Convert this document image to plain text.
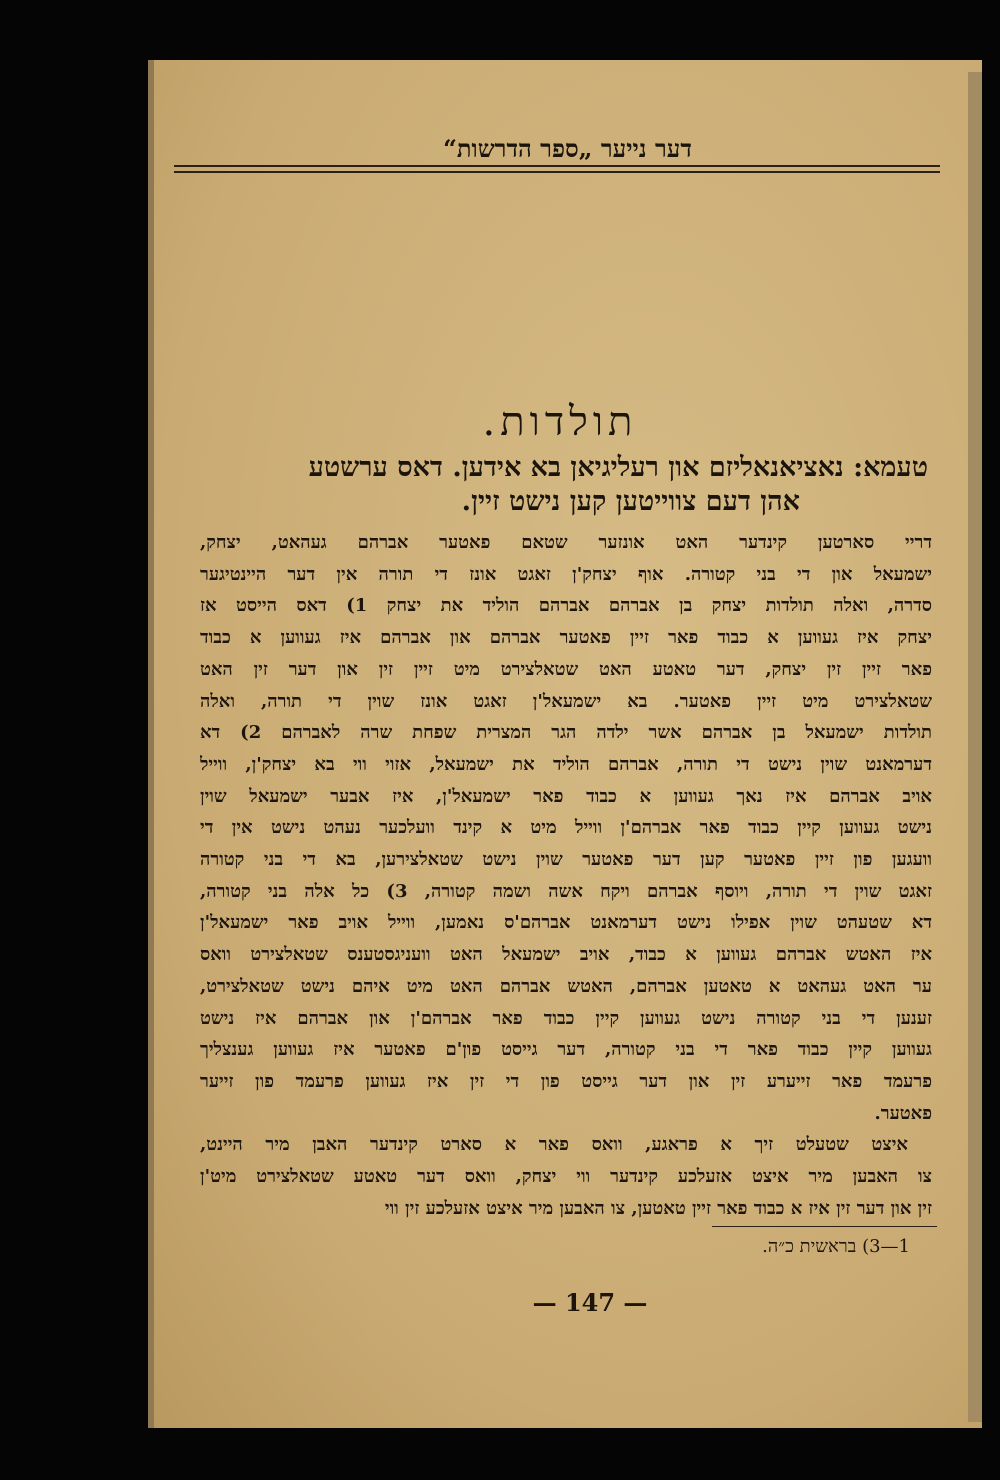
דער נייער „ספר הדרשות“
תולדות.
טעמא: נאציאנאליזם און רעליגיאן בא אידען. דאס ערשטע
אהן דעם צווייטען קען נישט זיין.
דריי סארטען קינדער האט אונזער שטאם פאטער אברהם געהאט, יצחק,
ישמעאל און די בני קטורה. אוף יצחק'ן זאגט אונז די תורה אין דער היינטיגער
סדרה, ואלה תולדות יצחק בן אברהם אברהם הוליד את יצחק 1) דאס הייסט אז
יצחק איז געווען א כבוד פאר זיין פאטער אברהם און אברהם איז געווען א כבוד
פאר זיין זין יצחק, דער טאטע האט שטאלצירט מיט זיין זין און דער זין האט
שטאלצירט מיט זיין פאטער. בא ישמעאל'ן זאגט אונז שוין די תורה, ואלה
תולדות ישמעאל בן אברהם אשר ילדה הגר המצרית שפחת שרה לאברהם 2) דא
דערמאנט שוין נישט די תורה, אברהם הוליד את ישמעאל, אזוי ווי בא יצחק'ן, ווייל
אויב אברהם איז נאך געווען א כבוד פאר ישמעאל'ן, איז אבער ישמעאל שוין
נישט געווען קיין כבוד פאר אברהם'ן ווייל מיט א קינד וועלכער נעהט נישט אין די
וועגען פון זיין פאטער קען דער פאטער שוין נישט שטאלצירען, בא די בני קטורה
זאגט שוין די תורה, ויוסף אברהם ויקח אשה ושמה קטורה, 3) כל אלה בני קטורה,
דא שטעהט שוין אפילו נישט דערמאנט אברהם'ס נאמען, ווייל אויב פאר ישמעאל'ן
איז האטש אברהם געווען א כבוד, אויב ישמעאל האט וועניגסטענס שטאלצירט וואס
ער האט געהאט א טאטען אברהם, האטש אברהם האט מיט איהם נישט שטאלצירט,
זענען די בני קטורה נישט געווען קיין כבוד פאר אברהם'ן און אברהם איז נישט
געווען קיין כבוד פאר די בני קטורה, דער גייסט פון'ם פאטער איז געווען גענצליך
פרעמד פאר זייערע זין און דער גייסט פון די זין איז געווען פרעמד פון זייער
פאטער.
איצט שטעלט זיך א פראגע, וואס פאר א סארט קינדער האבן מיר היינט,
צו האבען מיר איצט אזעלכע קינדער ווי יצחק, וואס דער טאטע שטאלצירט מיט'ן
זין און דער זין איז א כבוד פאר זיין טאטען, צו האבען מיר איצט אזעלכע זין ווי
1—3) בראשית כ״ה.
— 147 —
